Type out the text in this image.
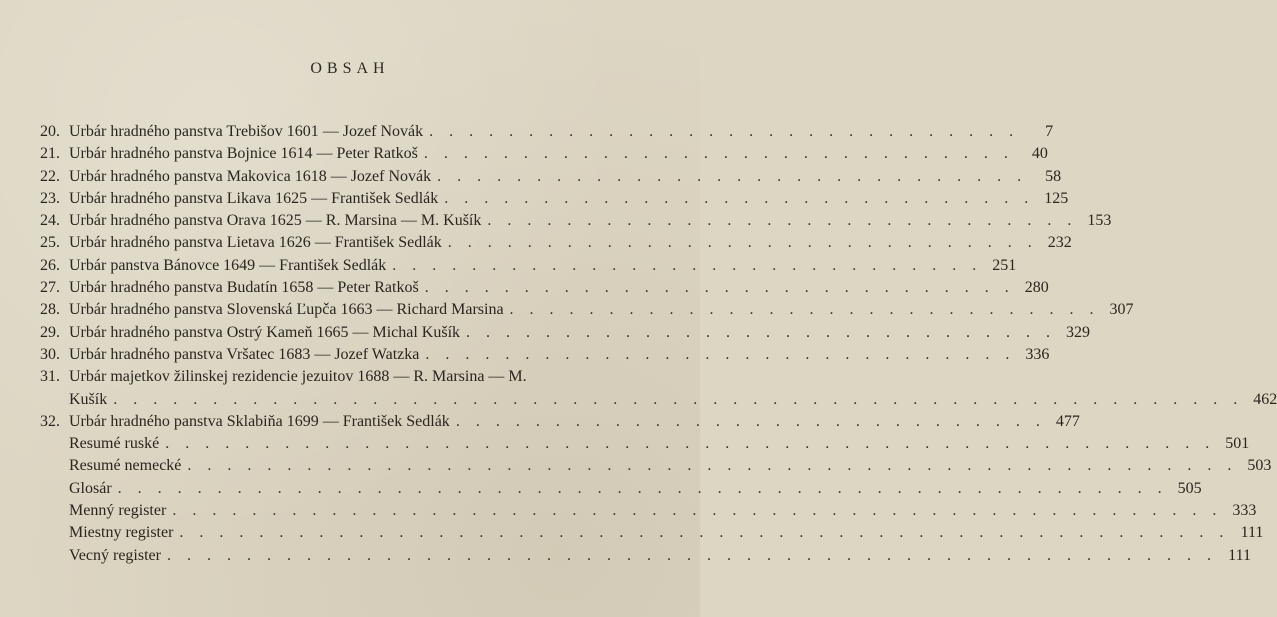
OBSAH
20. Urbár hradného panstva Trebišov 1601 — Jozef Novák . . . . . . . . . . . . . . . . . . . . . . . . . . . . . .	7
21. Urbár hradného panstva Bojnice 1614 — Peter Ratkoš . . . . . . . . . . . . . . . . . . . . . . . . . . . . . .	40
22. Urbár hradného panstva Makovica 1618 — Jozef Novák . . . . . . . . . . . . . . . . . . . . . . . . . . . . . .	58
23. Urbár hradného panstva Likava 1625 — František Sedlák . . . . . . . . . . . . . . . . . . . . . . . . . . . . . . 125
24. Urbár hradného panstva Orava 1625 — R. Marsina — M. Kušík . . . . . . . . . . . . . . . . . . . . . . . . . . . . . . 153
25. Urbár hradného panstva Lietava 1626 — František Sedlák . . . . . . . . . . . . . . . . . . . . . . . . . . . . . . 232
26. Urbár panstva Bánovce 1649 — František Sedlák . . . . . . . . . . . . . . . . . . . . . . . . . . . . . . 251
27. Urbár hradného panstva Budatín 1658 — Peter Ratkoš . . . . . . . . . . . . . . . . . . . . . . . . . . . . . . 280
28. Urbár hradného panstva Slovenská Ľupča 1663 — Richard Marsina . . . . . . . . . . . . . . . . . . . . . . . . . . . . . . 307
29. Urbár hradného panstva Ostrý Kameň 1665 — Michal Kušík . . . . . . . . . . . . . . . . . . . . . . . . . . . . . . 329
30. Urbár hradného panstva Vršatec 1683 — Jozef Watzka . . . . . . . . . . . . . . . . . . . . . . . . . . . . . . 336
31. Urbár majetkov žilinskej rezidencie jezuitov 1688 — R. Marsina — M.
Kušík . . . . . . . . . . . . . . . . . . . . . . . . . . . . . . . . . . . . . . . . . . . . . . . . . . . . . . . . . 462
32. Urbár hradného panstva Sklabiňa 1699 — František Sedlák . . . . . . . . . . . . . . . . . . . . . . . . . . . . . . 477
Resumé ruské . . . . . . . . . . . . . . . . . . . . . . . . . . . . . . . . . . . . . . . . . . . . . . . . . . . . . 501
Resumé nemecké . . . . . . . . . . . . . . . . . . . . . . . . . . . . . . . . . . . . . . . . . . . . . . . . . . . . . 503
Glosár . . . . . . . . . . . . . . . . . . . . . . . . . . . . . . . . . . . . . . . . . . . . . . . . . . . . . 505
Menný register . . . . . . . . . . . . . . . . . . . . . . . . . . . . . . . . . . . . . . . . . . . . . . . . . . . . . 333
Miestny register . . . . . . . . . . . . . . . . . . . . . . . . . . . . . . . . . . . . . . . . . . . . . . . . . . . . . 111
Vecný register . . . . . . . . . . . . . . . . . . . . . . . . . . . . . . . . . . . . . . . . . . . . . . . . . . . . . 111
